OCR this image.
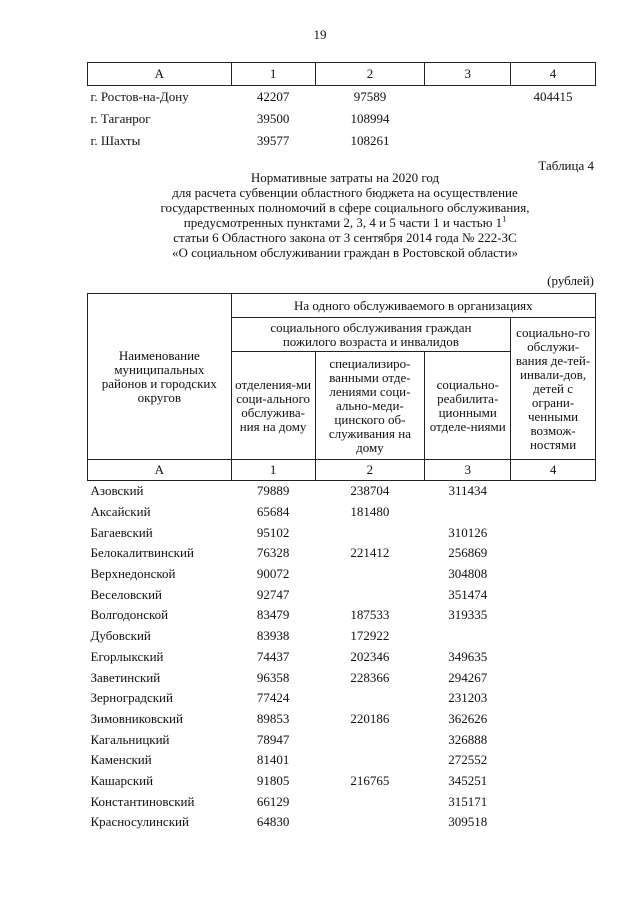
19
А	1	2	3	4
г. Ростов-на-Дону	42207	97589		404415
г. Таганрог	39500	108994		
г. Шахты	39577	108261		
Таблица 4
Нормативные затраты на 2020 год
для расчета субвенции областного бюджета на осуществление
государственных полномочий в сфере социального обслуживания,
предусмотренных пунктами 2, 3, 4 и 5 части 1 и частью $1^1$
статьи 6 Областного закона от 3 сентября 2014 года № 222-ЗС
«О социальном обслуживании граждан в Ростовской области»
(рублей)
Наименование муниципальных районов и городских округов	На одного обслуживаемого в организациях			
	социального обслуживания граждан пожилого возраста и инвалидов			социально-го обслужи-вания де-тей-инвали-дов, детей с ограни-ченными возмож-ностями
	отделения-ми соци-ального обслужива-ния на дому	специализиро-ванными отде-лениями соци-ально-меди-цинского об-служивания на дому	социально-реабилита-ционными отделе-ниями	
А	1	2	3	4
Азовский	79889	238704	311434	
Аксайский	65684	181480		
Багаевский	95102		310126	
Белокалитвинский	76328	221412	256869	
Верхнедонской	90072		304808	
Веселовский	92747		351474	
Волгодонской	83479	187533	319335	
Дубовский	83938	172922		
Егорлыкский	74437	202346	349635	
Заветинский	96358	228366	294267	
Зерноградский	77424		231203	
Зимовниковский	89853	220186	362626	
Кагальницкий	78947		326888	
Каменский	81401		272552	
Кашарский	91805	216765	345251	
Константиновский	66129		315171	
Красносулинский	64830		309518	
